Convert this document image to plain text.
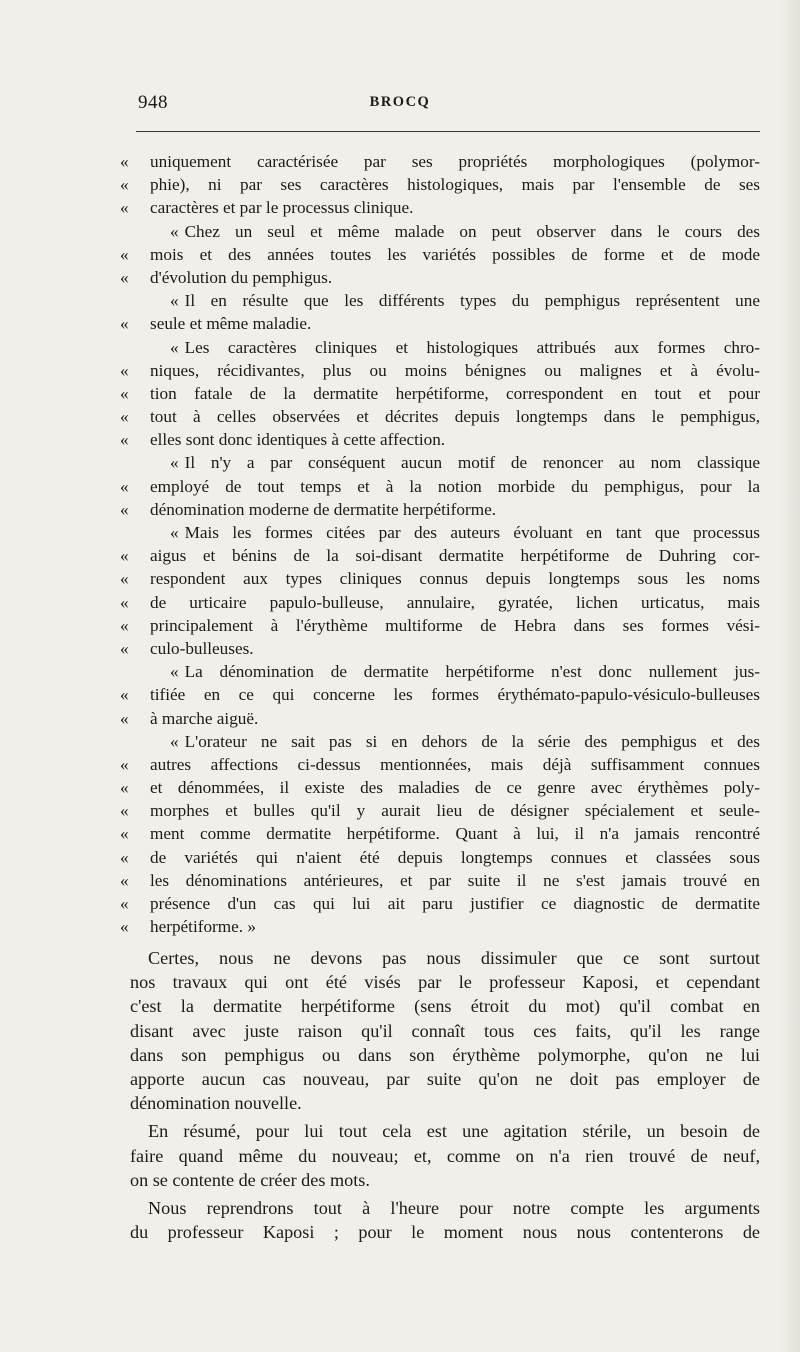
948	BROCQ
« uniquement caractérisée par ses propriétés morphologiques (polymor-
« phie), ni par ses caractères histologiques, mais par l'ensemble de ses
« caractères et par le processus clinique.
« Chez un seul et même malade on peut observer dans le cours des
« mois et des années toutes les variétés possibles de forme et de mode
« d'évolution du pemphigus.
« Il en résulte que les différents types du pemphigus représentent une
« seule et même maladie.
« Les caractères cliniques et histologiques attribués aux formes chro-
« niques, récidivantes, plus ou moins bénignes ou malignes et à évolu-
« tion fatale de la dermatite herpétiforme, correspondent en tout et pour
« tout à celles observées et décrites depuis longtemps dans le pemphigus,
« elles sont donc identiques à cette affection.
« Il n'y a par conséquent aucun motif de renoncer au nom classique
« employé de tout temps et à la notion morbide du pemphigus, pour la
« dénomination moderne de dermatite herpétiforme.
« Mais les formes citées par des auteurs évoluant en tant que processus
« aigus et bénins de la soi-disant dermatite herpétiforme de Duhring cor-
« respondent aux types cliniques connus depuis longtemps sous les noms
« de urticaire papulo-bulleuse, annulaire, gyratée, lichen urticatus, mais
« principalement à l'érythème multiforme de Hebra dans ses formes vési-
« culo-bulleuses.
« La dénomination de dermatite herpétiforme n'est donc nullement jus-
« tifiée en ce qui concerne les formes érythémato-papulo-vésiculo-bulleuses
« à marche aiguë.
« L'orateur ne sait pas si en dehors de la série des pemphigus et des
« autres affections ci-dessus mentionnées, mais déjà suffisamment connues
« et dénommées, il existe des maladies de ce genre avec érythèmes poly-
« morphes et bulles qu'il y aurait lieu de désigner spécialement et seule-
« ment comme dermatite herpétiforme. Quant à lui, il n'a jamais rencontré
« de variétés qui n'aient été depuis longtemps connues et classées sous
« les dénominations antérieures, et par suite il ne s'est jamais trouvé en
« présence d'un cas qui lui ait paru justifier ce diagnostic de dermatite
« herpétiforme. »
Certes, nous ne devons pas nous dissimuler que ce sont surtout
nos travaux qui ont été visés par le professeur Kaposi, et cependant
c'est la dermatite herpétiforme (sens étroit du mot) qu'il combat en
disant avec juste raison qu'il connaît tous ces faits, qu'il les range
dans son pemphigus ou dans son érythème polymorphe, qu'on ne lui
apporte aucun cas nouveau, par suite qu'on ne doit pas employer de
dénomination nouvelle.
En résumé, pour lui tout cela est une agitation stérile, un besoin de
faire quand même du nouveau; et, comme on n'a rien trouvé de neuf,
on se contente de créer des mots.
Nous reprendrons tout à l'heure pour notre compte les arguments
du professeur Kaposi ; pour le moment nous nous contenterons de
